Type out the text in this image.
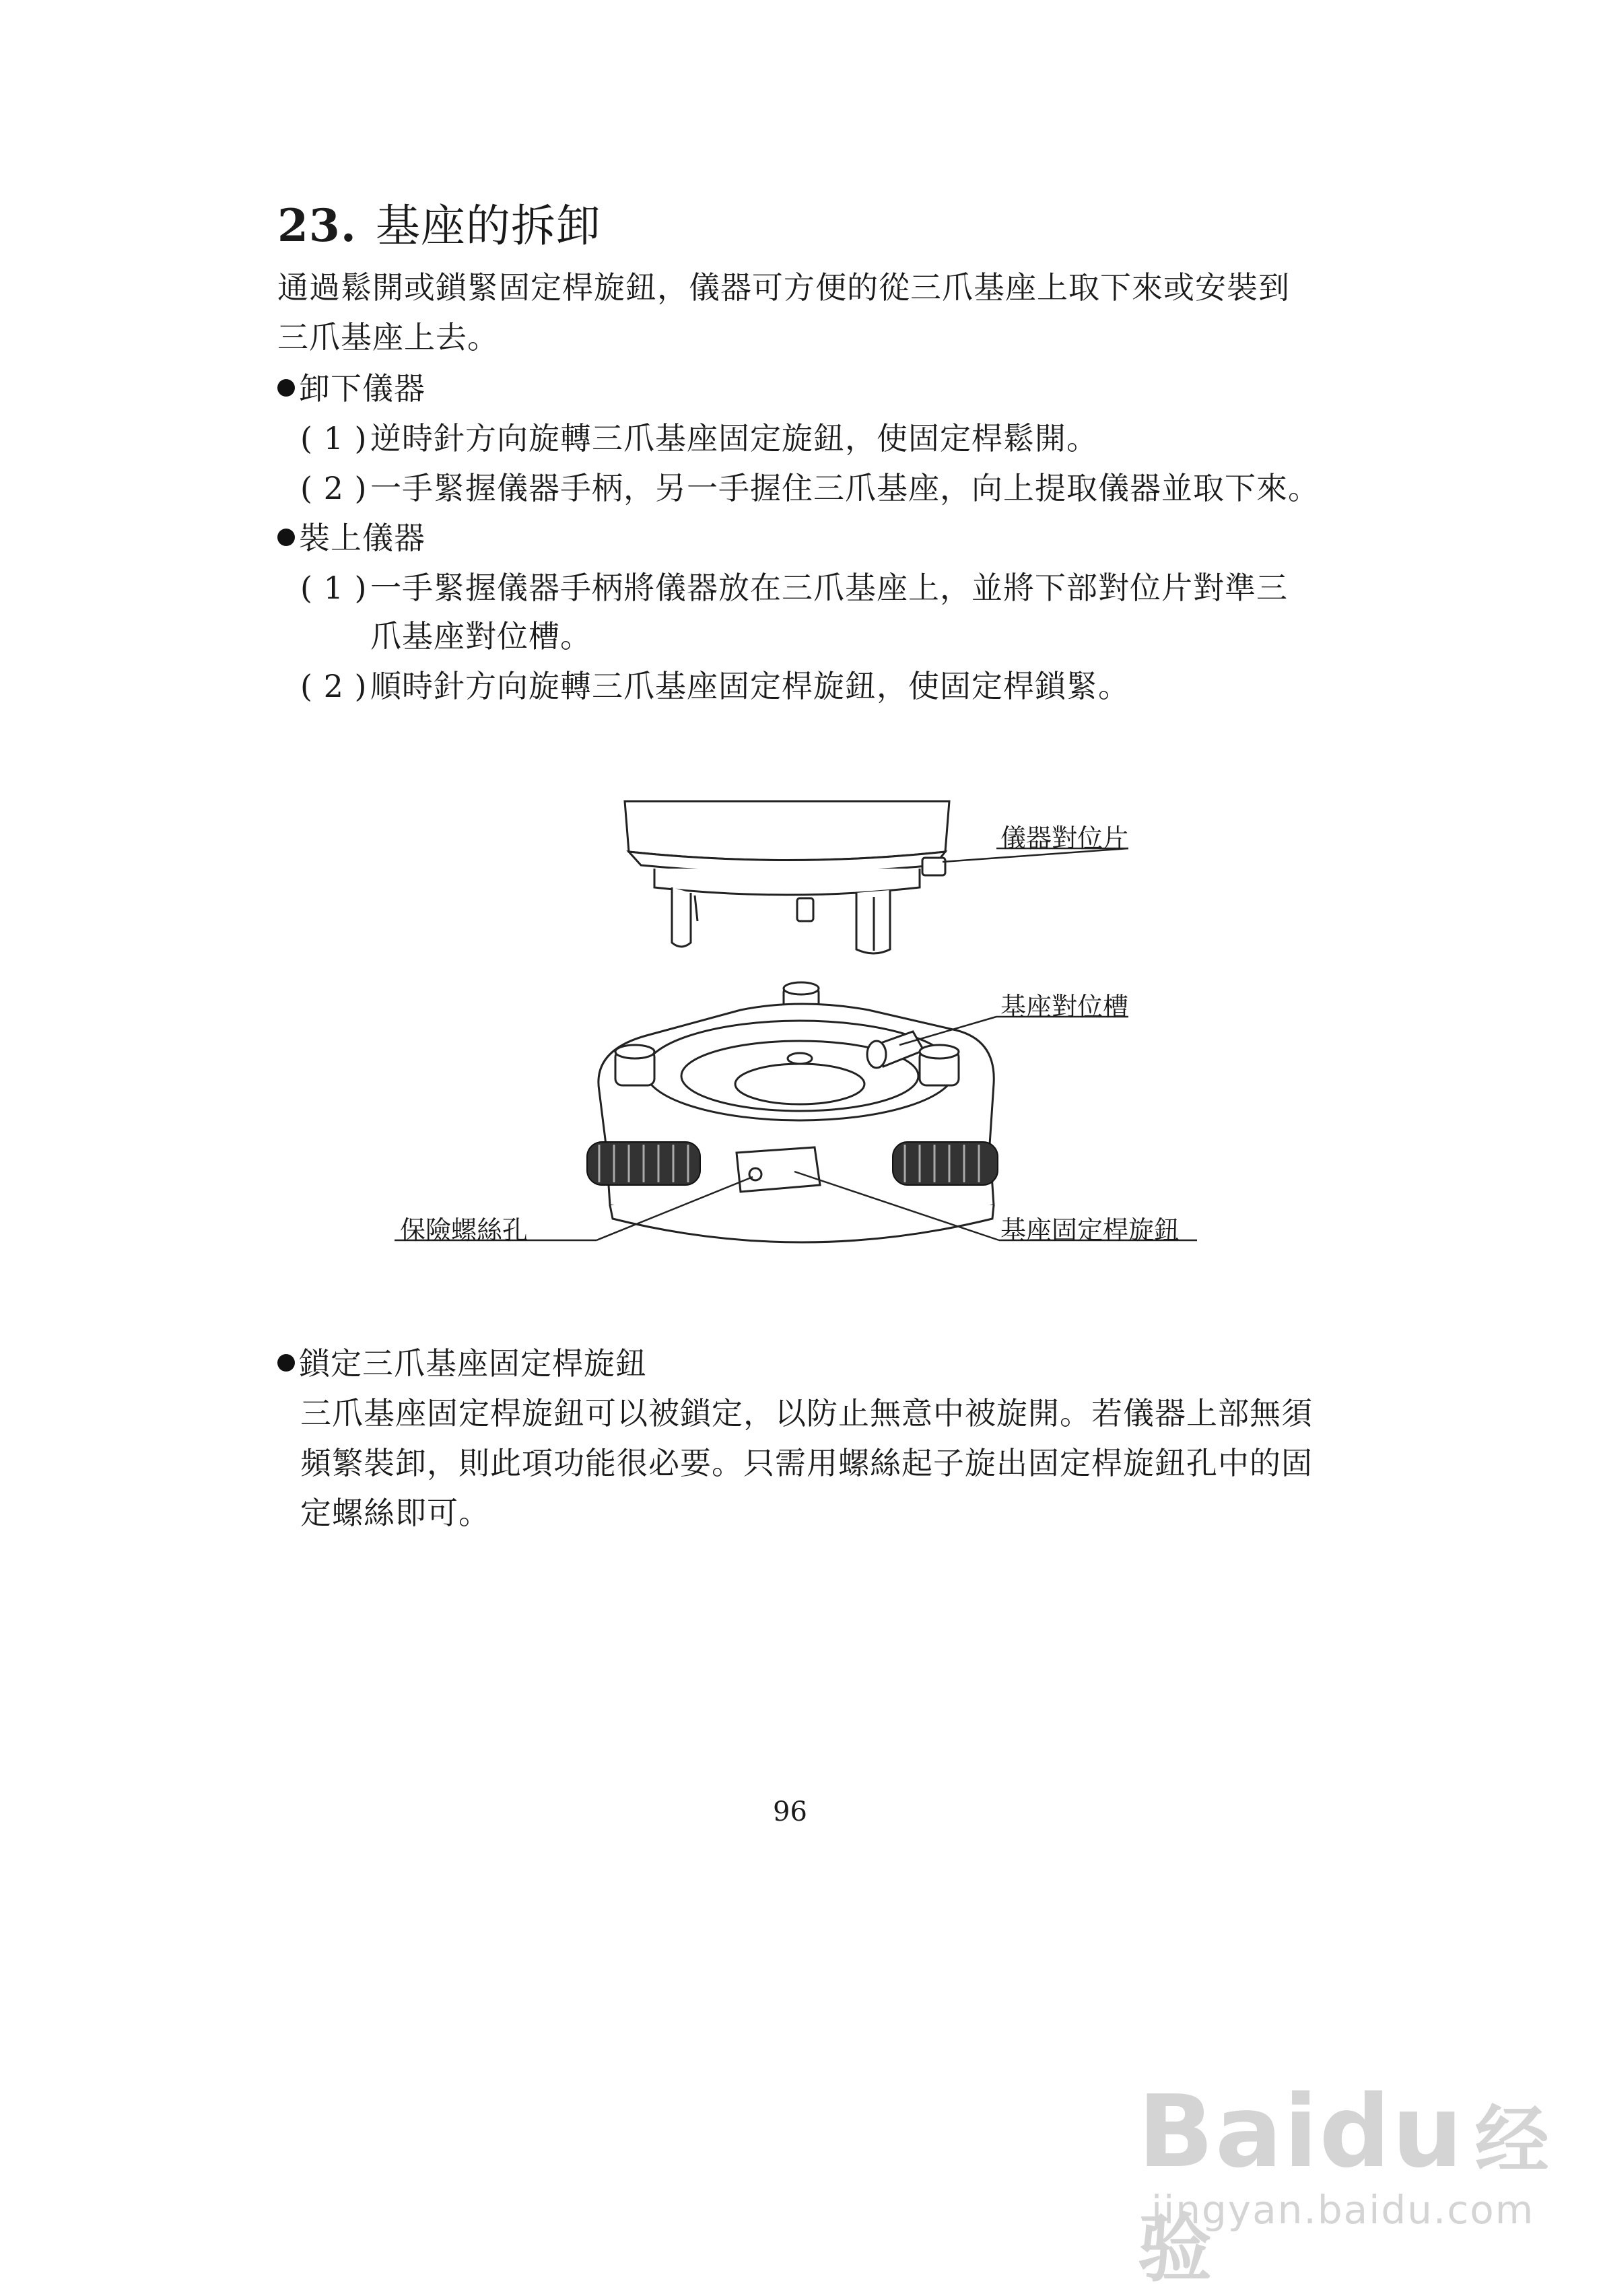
23. 基座的拆卸
通過鬆開或鎖緊固定桿旋鈕，儀器可方便的從三爪基座上取下來或安裝到
三爪基座上去。
卸下儀器
( 1 )逆時針方向旋轉三爪基座固定旋鈕，使固定桿鬆開。
( 2 )一手緊握儀器手柄，另一手握住三爪基座，向上提取儀器並取下來。
裝上儀器
( 1 )一手緊握儀器手柄將儀器放在三爪基座上，並將下部對位片對準三
爪基座對位槽。
( 2 )順時針方向旋轉三爪基座固定桿旋鈕，使固定桿鎖緊。
儀器對位片
基座對位槽
保險螺絲孔	基座固定桿旋鈕
鎖定三爪基座固定桿旋鈕
三爪基座固定桿旋鈕可以被鎖定，以防止無意中被旋開。若儀器上部無須
頻繁裝卸，則此項功能很必要。只需用螺絲起子旋出固定桿旋鈕孔中的固
定螺絲即可。
96
Baidu 经验
jingyan.baidu.com
